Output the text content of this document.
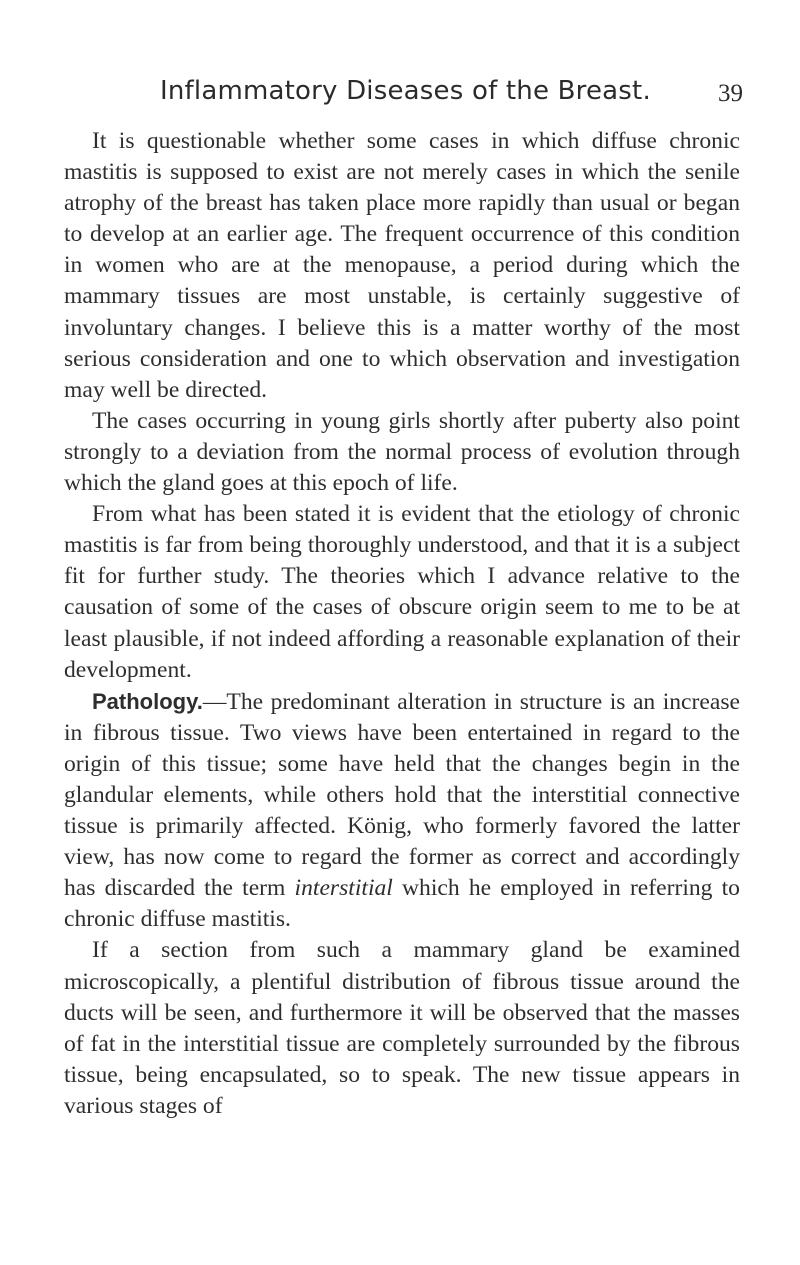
Inflammatory Diseases of the Breast.	39

It is questionable whether some cases in which diffuse chronic mastitis is supposed to exist are not merely cases in which the senile atrophy of the breast has taken place more rapidly than usual or began to develop at an earlier age. The frequent occurrence of this condition in women who are at the menopause, a period during which the mammary tissues are most unstable, is certainly suggestive of involuntary changes. I believe this is a matter worthy of the most serious consideration and one to which observation and investigation may well be directed.

The cases occurring in young girls shortly after puberty also point strongly to a deviation from the normal process of evolution through which the gland goes at this epoch of life.

From what has been stated it is evident that the etiology of chronic mastitis is far from being thoroughly understood, and that it is a subject fit for further study. The theories which I advance relative to the causation of some of the cases of obscure origin seem to me to be at least plausible, if not indeed affording a reasonable explanation of their development.

Pathology.—The predominant alteration in structure is an increase in fibrous tissue. Two views have been entertained in regard to the origin of this tissue; some have held that the changes begin in the glandular elements, while others hold that the interstitial connective tissue is primarily affected. König, who formerly favored the latter view, has now come to regard the former as correct and accordingly has discarded the term interstitial which he employed in referring to chronic diffuse mastitis.

If a section from such a mammary gland be examined microscopically, a plentiful distribution of fibrous tissue around the ducts will be seen, and furthermore it will be observed that the masses of fat in the interstitial tissue are completely surrounded by the fibrous tissue, being encapsulated, so to speak. The new tissue appears in various stages of
